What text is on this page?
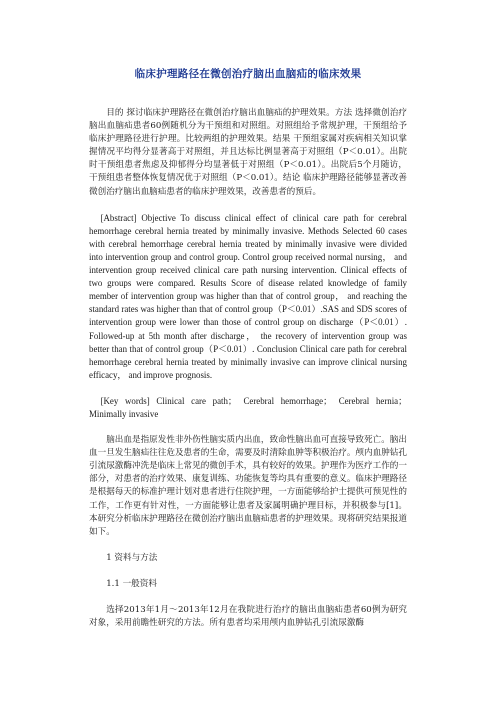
临床护理路径在微创治疗脑出血脑疝的临床效果

目的 探讨临床护理路径在微创治疗脑出血脑疝的护理效果。方法 选择微创治疗脑出血脑疝患者60例随机分为干预组和对照组。对照组给予常规护理，干预组给予临床护理路径进行护理。比较两组的护理效果。结果 干预组家属对疾病相关知识掌握情况平均得分显著高于对照组，并且达标比例显著高于对照组（P＜0.01）。出院时干预组患者焦虑及抑郁得分均显著低于对照组（P＜0.01）。出院后5个月随访，干预组患者整体恢复情况优于对照组（P＜0.01）。结论 临床护理路径能够显著改善微创治疗脑出血脑疝患者的临床护理效果，改善患者的预后。

[Abstract] Objective To discuss clinical effect of clinical care path for cerebral hemorrhage cerebral hernia treated by minimally invasive. Methods Selected 60 cases with cerebral hemorrhage cerebral hernia treated by minimally invasive were divided into intervention group and control group. Control group received normal nursing， and intervention group received clinical care path nursing intervention. Clinical effects of two groups were compared. Results Score of disease related knowledge of family member of intervention group was higher than that of control group， and reaching the standard rates was higher than that of control group（P＜0.01）.SAS and SDS scores of intervention group were lower than those of control group on discharge（P＜0.01）. Followed-up at 5th month after discharge， the recovery of intervention group was better than that of control group（P＜0.01）. Conclusion Clinical care path for cerebral hemorrhage cerebral hernia treated by minimally invasive can improve clinical nursing efficacy， and improve prognosis.

[Key words] Clinical care path； Cerebral hemorrhage； Cerebral hernia； Minimally invasive

脑出血是指原发性非外伤性脑实质内出血，致命性脑出血可直接导致死亡。脑出血一旦发生脑疝往往危及患者的生命，需要及时清除血肿等积极治疗。颅内血肿钻孔引流尿激酶冲洗是临床上常见的微创手术，具有较好的效果。护理作为医疗工作的一部分，对患者的治疗效果、康复训练、功能恢复等均具有重要的意义。临床护理路径是根据每天的标准护理计划对患者进行住院护理，一方面能够给护士提供可预见性的工作，工作更有针对性，一方面能够让患者及家属明确护理目标，并积极参与[1]。本研究分析临床护理路径在微创治疗脑出血脑疝患者的护理效果。现将研究结果报道如下。

1 资料与方法

1.1 一般资料

选择2013年1月～2013年12月在我院进行治疗的脑出血脑疝患者60例为研究对象，采用前瞻性研究的方法。所有患者均采用颅内血肿钻孔引流尿激酶
